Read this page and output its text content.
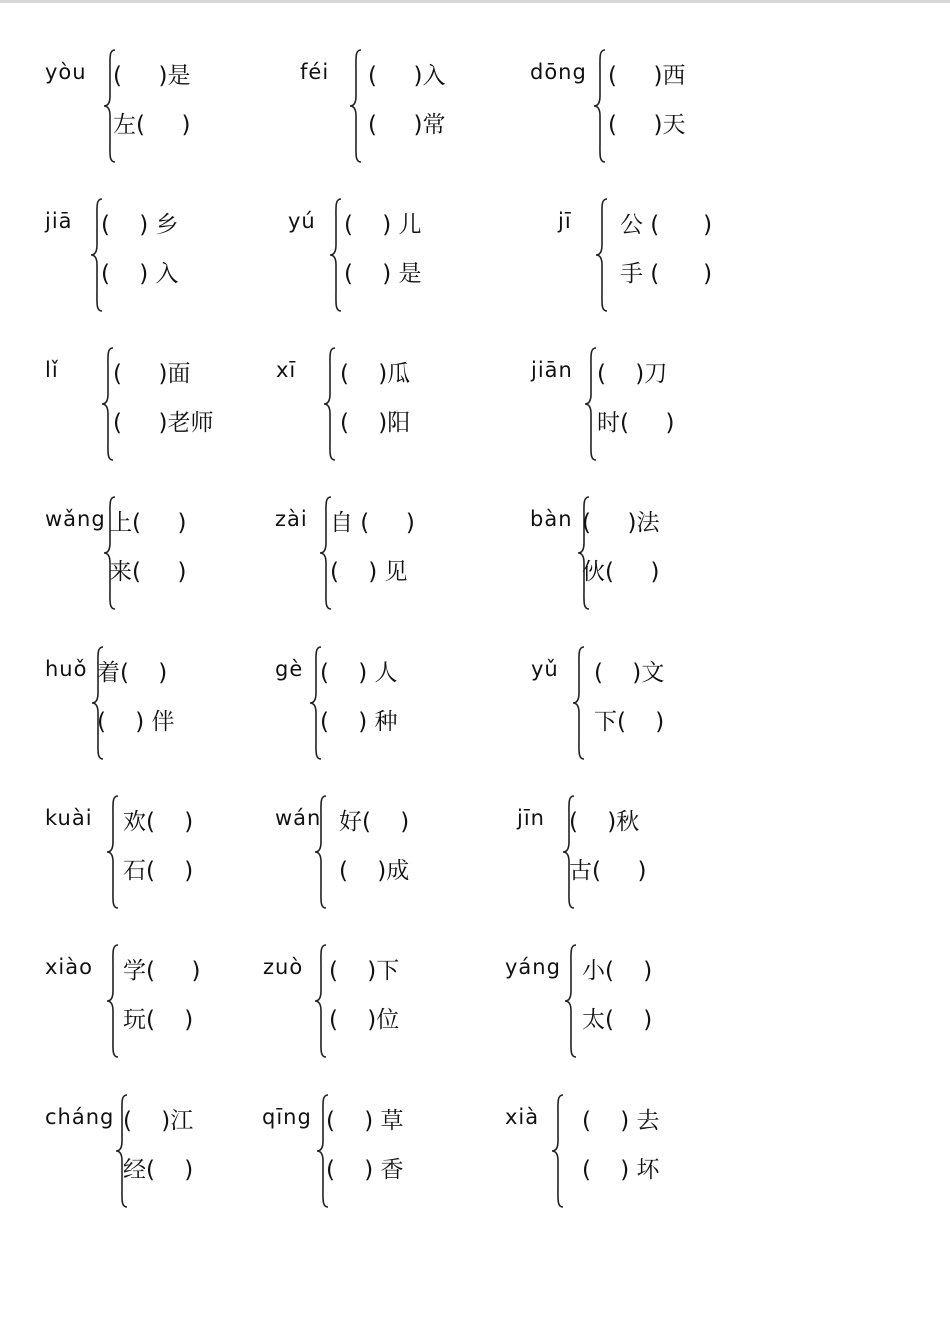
yòu (     )是
左(     )
féi (     )入
(     )常
dōng (     )西
(     )天
jiā (    ) 乡
(    ) 入
yú (    ) 儿
(    ) 是
jī 公 (      )
手 (      )
lǐ (     )面
(     )老师
xī (    )瓜
(    )阳
jiān (    )刀
时(     )
wǎng 上(     )
来(     )
zài 自 (     )
(    ) 见
bàn (     )法
伙(     )
huǒ 着(    )
(    ) 伴
gè (    ) 人
(    ) 种
yǔ (    )文
下(    )
kuài 欢(    )
石(    )
wán 好(    )
(    )成
jīn (    )秋
古(     )
xiào 学(     )
玩(    )
zuò (    )下
(    )位
yáng 小(    )
太(    )
cháng (    )江
经(    )
qīng (    ) 草
(    ) 香
xià (    ) 去
(    ) 坏
